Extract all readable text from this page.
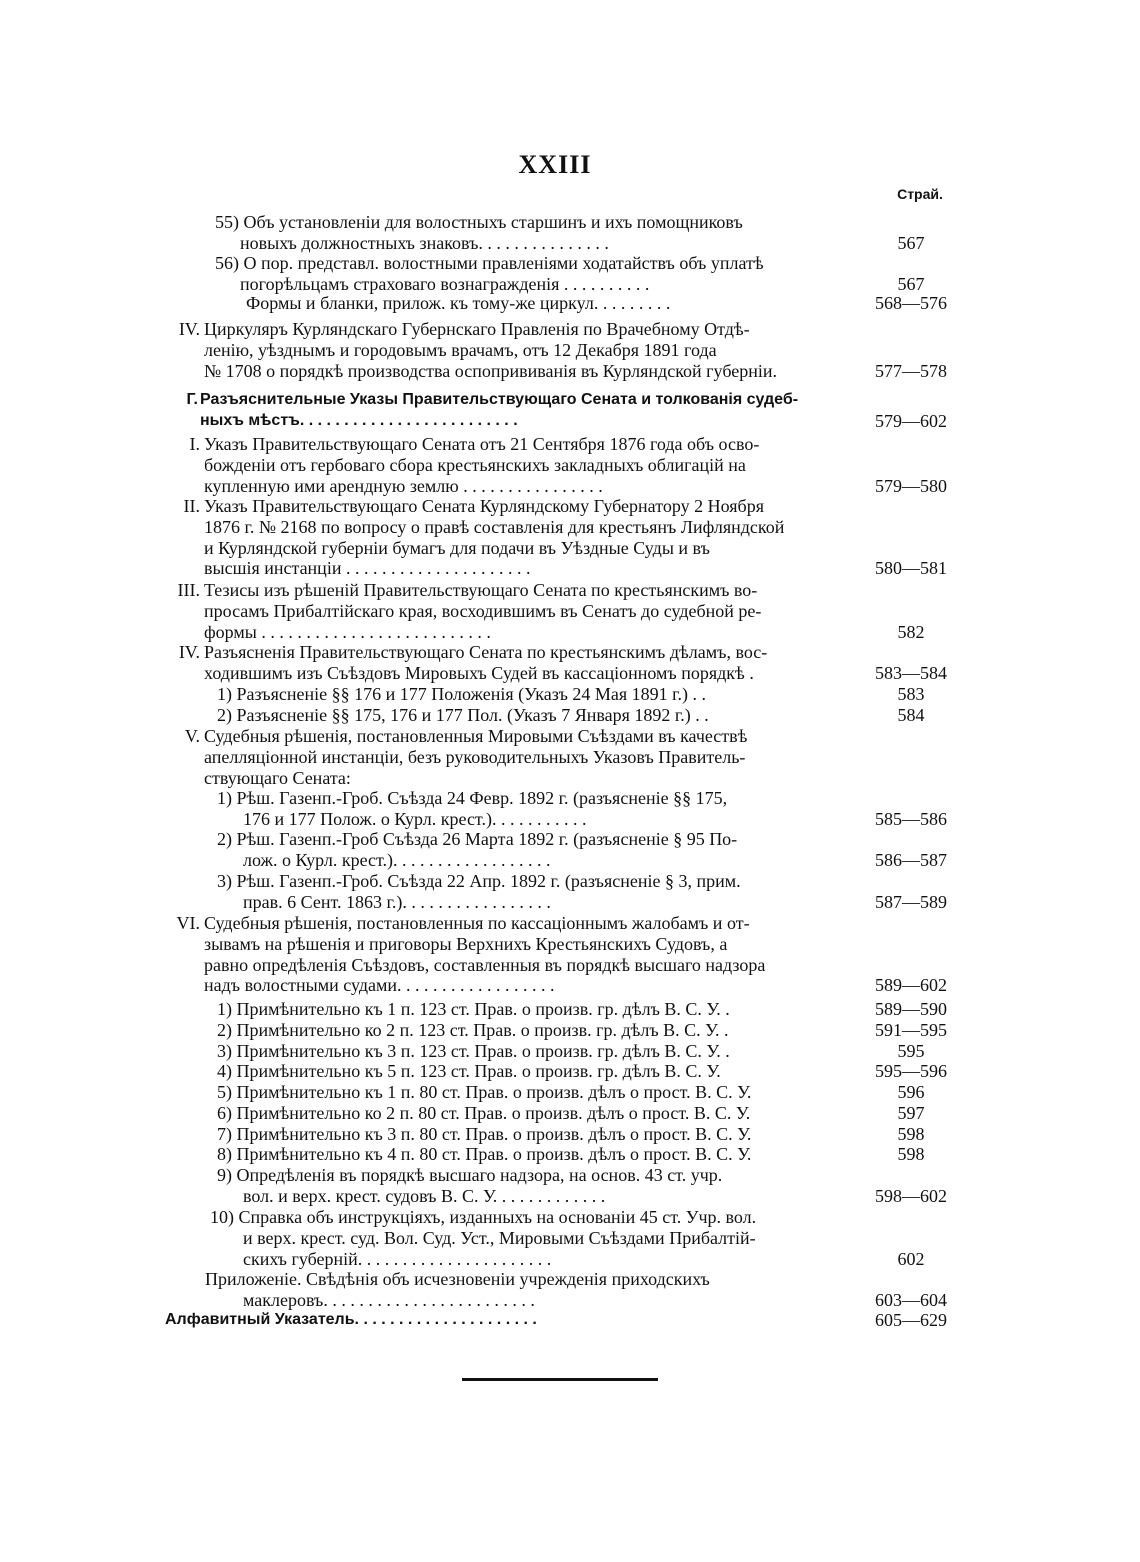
XXIII
Страй.
55) Объ установленіи для волостныхъ старшинъ и ихъ помощниковъ
новыхъ должностныхъ знаковъ. . . . . . . . . . . . . . .	567
56) О пор. представл. волостными правленіями ходатайствъ объ уплатѣ
погорѣльцамъ страховаго вознагражденія . . . . . . . . . .	567
Формы и бланки, прилож. къ тому-же циркул. . . . . . . . .	568—576
IV. Циркуляръ Курляндскаго Губернскаго Правленія по Врачебному Отдѣ-
ленію, уѣзднымъ и городовымъ врачамъ, отъ 12 Декабря 1891 года
№ 1708 о порядкѣ производства оспопрививанія въ Курляндской губерніи.	577—578
Г. Разъяснительные Указы Правительствующаго Сената и толкованія судеб-
ныхъ мѣстъ. . . . . . . . . . . . . . . . . . . . . . . . .	579—602
I. Указъ Правительствующаго Сената отъ 21 Сентября 1876 года объ осво-
божденіи отъ гербоваго сбора крестьянскихъ закладныхъ облигацій на
купленную ими арендную землю . . . . . . . . . . . . . . . .	579—580
II. Указъ Правительствующаго Сената Курляндскому Губернатору 2 Ноября
1876 г. № 2168 по вопросу о правѣ составленія для крестьянъ Лифляндской
и Курляндской губерніи бумагъ для подачи въ Уѣздные Суды и въ
высшія инстанціи . . . . . . . . . . . . . . . . . . . . .	580—581
III. Тезисы изъ рѣшеній Правительствующаго Сената по крестьянскимъ во-
просамъ Прибалтійскаго края, восходившимъ въ Сенатъ до судебной ре-
формы . . . . . . . . . . . . . . . . . . . . . . . . . .	582
IV. Разъясненія Правительствующаго Сената по крестьянскимъ дѣламъ, вос-
ходившимъ изъ Съѣздовъ Мировыхъ Судей въ кассаціонномъ порядкѣ .	583—584
1) Разъясненіе §§ 176 и 177 Положенія (Указъ 24 Мая 1891 г.) . .	583
2) Разъясненіе §§ 175, 176 и 177 Пол. (Указъ 7 Января 1892 г.) . .	584
V. Судебныя рѣшенія, постановленныя Мировыми Съѣздами въ качествѣ
апелляціонной инстанціи, безъ руководительныхъ Указовъ Правитель-
ствующаго Сената:
1) Рѣш. Газенп.-Гроб. Съѣзда 24 Февр. 1892 г. (разъясненіе §§ 175,
176 и 177 Полож. о Курл. крест.). . . . . . . . . . .	585—586
2) Рѣш. Газенп.-Гроб Съѣзда 26 Марта 1892 г. (разъясненіе § 95 По-
лож. о Курл. крест.). . . . . . . . . . . . . . . . . .	586—587
3) Рѣш. Газенп.-Гроб. Съѣзда 22 Апр. 1892 г. (разъясненіе § 3, прим.
прав. 6 Сент. 1863 г.). . . . . . . . . . . . . . . . .	587—589
VI. Судебныя рѣшенія, постановленныя по кассаціоннымъ жалобамъ и от-
зывамъ на рѣшенія и приговоры Верхнихъ Крестьянскихъ Судовъ, а
равно опредѣленія Съѣздовъ, составленныя въ порядкѣ высшаго надзора
надъ волостными судами. . . . . . . . . . . . . . . . . .	589—602
1) Примѣнительно къ 1 п. 123 ст. Прав. о произв. гр. дѣлъ В. С. У. .	589—590
2) Примѣнительно ко 2 п. 123 ст. Прав. о произв. гр. дѣлъ В. С. У. .	591—595
3) Примѣнительно къ 3 п. 123 ст. Прав. о произв. гр. дѣлъ В. С. У. .	595
4) Примѣнительно къ 5 п. 123 ст. Прав. о произв. гр. дѣлъ В. С. У.	595—596
5) Примѣнительно къ 1 п. 80 ст. Прав. о произв. дѣлъ о прост. В. С. У.	596
6) Примѣнительно ко 2 п. 80 ст. Прав. о произв. дѣлъ о прост. В. С. У.	597
7) Примѣнительно къ 3 п. 80 ст. Прав. о произв. дѣлъ о прост. В. С. У.	598
8) Примѣнительно къ 4 п. 80 ст. Прав. о произв. дѣлъ о прост. В. С. У.	598
9) Опредѣленія въ порядкѣ высшаго надзора, на основ. 43 ст. учр.
вол. и верх. крест. судовъ В. С. У. . . . . . . . . . . . .	598—602
10) Справка объ инструкціяхъ, изданныхъ на основаніи 45 ст. Учр. вол.
и верх. крест. суд. Вол. Суд. Уст., Мировыми Съѣздами Прибалтій-
скихъ губерній. . . . . . . . . . . . . . . . . . . . . .	602
Приложеніе. Свѣдѣнія объ исчезновеніи учрежденія приходскихъ
маклеровъ. . . . . . . . . . . . . . . . . . . . . . . .	603—604
Алфавитный Указатель. . . . . . . . . . . . . . . . . . . . .	605—629
